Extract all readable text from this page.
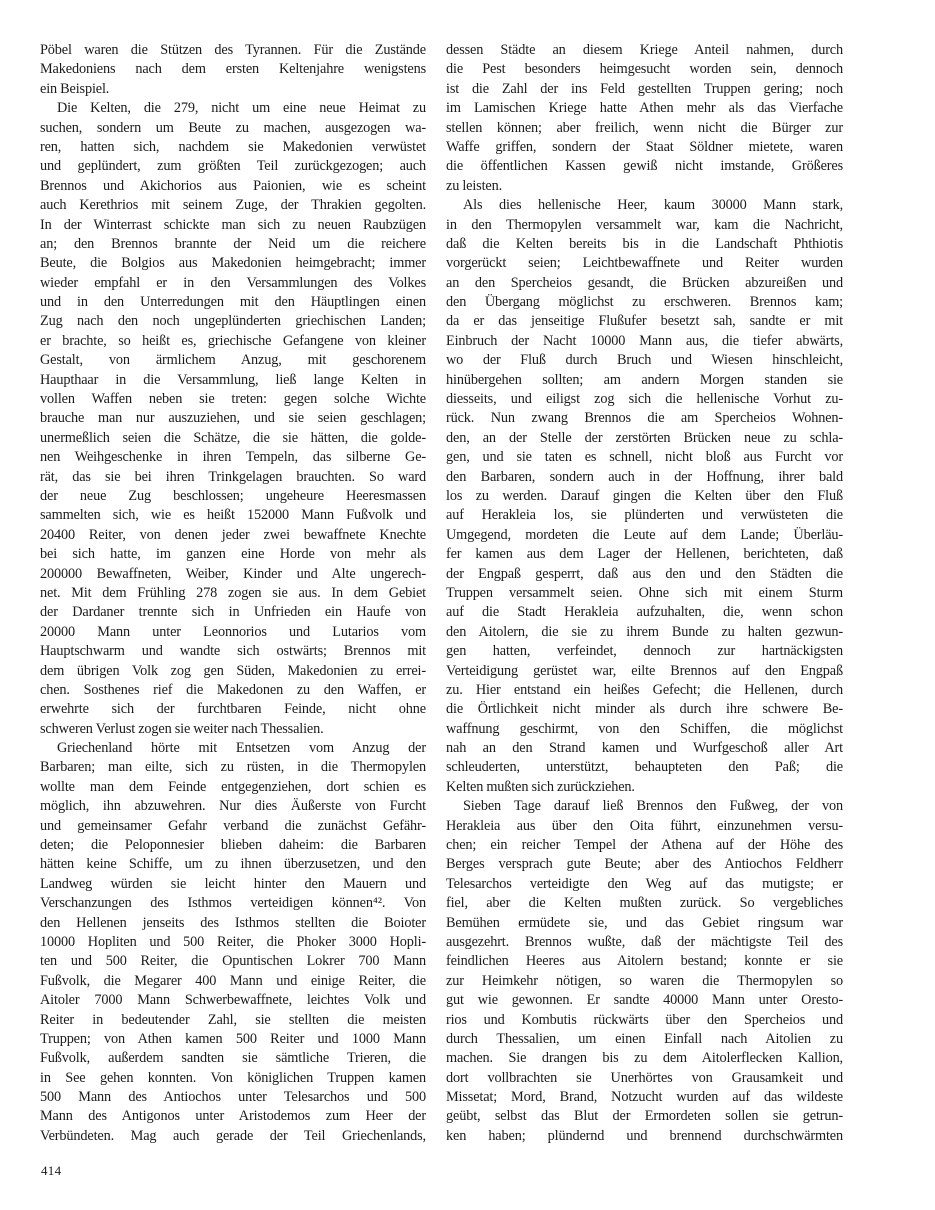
Pöbel waren die Stützen des Tyrannen. Für die Zustände
Makedoniens nach dem ersten Keltenjahre wenigstens
ein Beispiel.
Die Kelten, die 279, nicht um eine neue Heimat zu
suchen, sondern um Beute zu machen, ausgezogen wa-
ren, hatten sich, nachdem sie Makedonien verwüstet
und geplündert, zum größten Teil zurückgezogen; auch
Brennos und Akichorios aus Paionien, wie es scheint
auch Kerethrios mit seinem Zuge, der Thrakien gegolten.
In der Winterrast schickte man sich zu neuen Raubzügen
an; den Brennos brannte der Neid um die reichere
Beute, die Bolgios aus Makedonien heimgebracht; immer
wieder empfahl er in den Versammlungen des Volkes
und in den Unterredungen mit den Häuptlingen einen
Zug nach den noch ungeplünderten griechischen Landen;
er brachte, so heißt es, griechische Gefangene von kleiner
Gestalt, von ärmlichem Anzug, mit geschorenem
Haupthaar in die Versammlung, ließ lange Kelten in
vollen Waffen neben sie treten: gegen solche Wichte
brauche man nur auszuziehen, und sie seien geschlagen;
unermeßlich seien die Schätze, die sie hätten, die golde-
nen Weihgeschenke in ihren Tempeln, das silberne Ge-
rät, das sie bei ihren Trinkgelagen brauchten. So ward
der neue Zug beschlossen; ungeheure Heeresmassen
sammelten sich, wie es heißt 152000 Mann Fußvolk und
20400 Reiter, von denen jeder zwei bewaffnete Knechte
bei sich hatte, im ganzen eine Horde von mehr als
200000 Bewaffneten, Weiber, Kinder und Alte ungerech-
net. Mit dem Frühling 278 zogen sie aus. In dem Gebiet
der Dardaner trennte sich in Unfrieden ein Haufe von
20000 Mann unter Leonnorios und Lutarios vom
Hauptschwarm und wandte sich ostwärts; Brennos mit
dem übrigen Volk zog gen Süden, Makedonien zu errei-
chen. Sosthenes rief die Makedonen zu den Waffen, er
erwehrte sich der furchtbaren Feinde, nicht ohne
schweren Verlust zogen sie weiter nach Thessalien.
Griechenland hörte mit Entsetzen vom Anzug der
Barbaren; man eilte, sich zu rüsten, in die Thermopylen
wollte man dem Feinde entgegenziehen, dort schien es
möglich, ihn abzuwehren. Nur dies Äußerste von Furcht
und gemeinsamer Gefahr verband die zunächst Gefähr-
deten; die Peloponnesier blieben daheim: die Barbaren
hätten keine Schiffe, um zu ihnen überzusetzen, und den
Landweg würden sie leicht hinter den Mauern und
Verschanzungen des Isthmos verteidigen können⁴². Von
den Hellenen jenseits des Isthmos stellten die Boioter
10000 Hopliten und 500 Reiter, die Phoker 3000 Hopli-
ten und 500 Reiter, die Opuntischen Lokrer 700 Mann
Fußvolk, die Megarer 400 Mann und einige Reiter, die
Aitoler 7000 Mann Schwerbewaffnete, leichtes Volk und
Reiter in bedeutender Zahl, sie stellten die meisten
Truppen; von Athen kamen 500 Reiter und 1000 Mann
Fußvolk, außerdem sandten sie sämtliche Trieren, die
in See gehen konnten. Von königlichen Truppen kamen
500 Mann des Antiochos unter Telesarchos und 500
Mann des Antigonos unter Aristodemos zum Heer der
Verbündeten. Mag auch gerade der Teil Griechenlands,
dessen Städte an diesem Kriege Anteil nahmen, durch
die Pest besonders heimgesucht worden sein, dennoch
ist die Zahl der ins Feld gestellten Truppen gering; noch
im Lamischen Kriege hatte Athen mehr als das Vierfache
stellen können; aber freilich, wenn nicht die Bürger zur
Waffe griffen, sondern der Staat Söldner mietete, waren
die öffentlichen Kassen gewiß nicht imstande, Größeres
zu leisten.
Als dies hellenische Heer, kaum 30000 Mann stark,
in den Thermopylen versammelt war, kam die Nachricht,
daß die Kelten bereits bis in die Landschaft Phthiotis
vorgerückt seien; Leichtbewaffnete und Reiter wurden
an den Spercheios gesandt, die Brücken abzureißen und
den Übergang möglichst zu erschweren. Brennos kam;
da er das jenseitige Flußufer besetzt sah, sandte er mit
Einbruch der Nacht 10000 Mann aus, die tiefer abwärts,
wo der Fluß durch Bruch und Wiesen hinschleicht,
hinübergehen sollten; am andern Morgen standen sie
diesseits, und eiligst zog sich die hellenische Vorhut zu-
rück. Nun zwang Brennos die am Spercheios Wohnen-
den, an der Stelle der zerstörten Brücken neue zu schla-
gen, und sie taten es schnell, nicht bloß aus Furcht vor
den Barbaren, sondern auch in der Hoffnung, ihrer bald
los zu werden. Darauf gingen die Kelten über den Fluß
auf Herakleia los, sie plünderten und verwüsteten die
Umgegend, mordeten die Leute auf dem Lande; Überläu-
fer kamen aus dem Lager der Hellenen, berichteten, daß
der Engpaß gesperrt, daß aus den und den Städten die
Truppen versammelt seien. Ohne sich mit einem Sturm
auf die Stadt Herakleia aufzuhalten, die, wenn schon
den Aitolern, die sie zu ihrem Bunde zu halten gezwun-
gen hatten, verfeindet, dennoch zur hartnäckigsten
Verteidigung gerüstet war, eilte Brennos auf den Engpaß
zu. Hier entstand ein heißes Gefecht; die Hellenen, durch
die Örtlichkeit nicht minder als durch ihre schwere Be-
waffnung geschirmt, von den Schiffen, die möglichst
nah an den Strand kamen und Wurfgeschoß aller Art
schleuderten, unterstützt, behaupteten den Paß; die
Kelten mußten sich zurückziehen.
Sieben Tage darauf ließ Brennos den Fußweg, der von
Herakleia aus über den Oita führt, einzunehmen versu-
chen; ein reicher Tempel der Athena auf der Höhe des
Berges versprach gute Beute; aber des Antiochos Feldherr
Telesarchos verteidigte den Weg auf das mutigste; er
fiel, aber die Kelten mußten zurück. So vergebliches
Bemühen ermüdete sie, und das Gebiet ringsum war
ausgezehrt. Brennos wußte, daß der mächtigste Teil des
feindlichen Heeres aus Aitolern bestand; konnte er sie
zur Heimkehr nötigen, so waren die Thermopylen so
gut wie gewonnen. Er sandte 40000 Mann unter Oresto-
rios und Kombutis rückwärts über den Spercheios und
durch Thessalien, um einen Einfall nach Aitolien zu
machen. Sie drangen bis zu dem Aitolerflecken Kallion,
dort vollbrachten sie Unerhörtes von Grausamkeit und
Missetat; Mord, Brand, Notzucht wurden auf das wildeste
geübt, selbst das Blut der Ermordeten sollen sie getrun-
ken haben; plündernd und brennend durchschwärmten
414
